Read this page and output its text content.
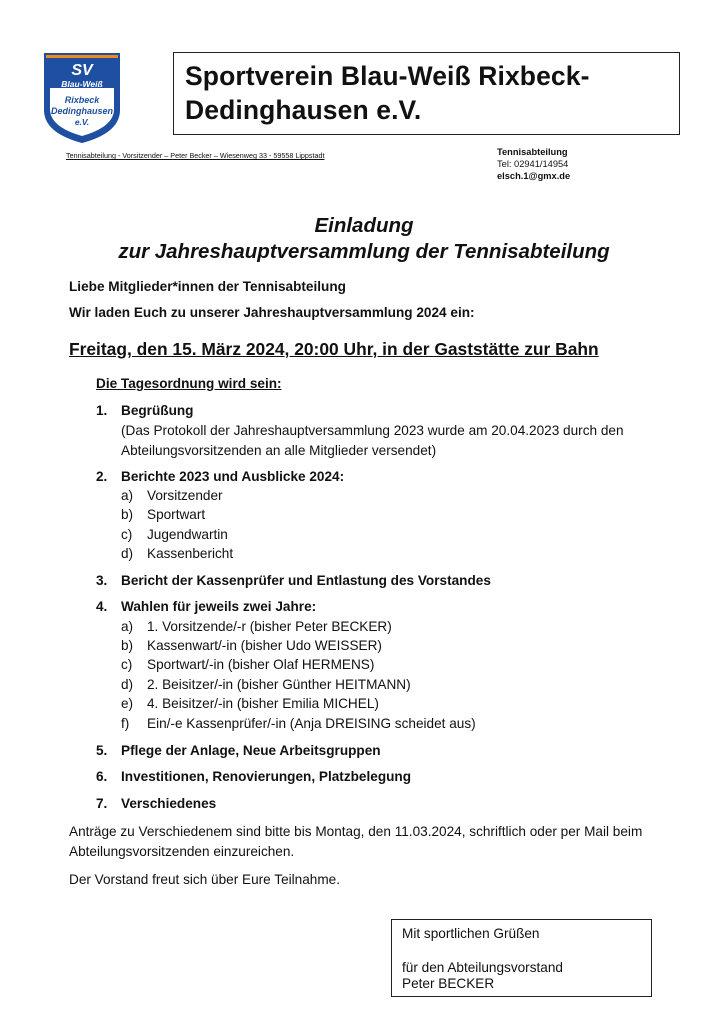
SV
Blau-Weiß
Rixbeck
Dedinghausen
e.V.
Sportverein Blau-Weiß Rixbeck-
Dedinghausen e.V.
Tennisabteilung - Vorsitzender – Peter Becker – Wiesenweg 33 - 59558 Lippstadt	Tennisabteilung
Tel: 02941/14954
elsch.1@gmx.de
Einladung
zur Jahreshauptversammlung der Tennisabteilung
Liebe Mitglieder*innen der Tennisabteilung
Wir laden Euch zu unserer Jahreshauptversammlung 2024 ein:
Freitag, den 15. März 2024, 20:00 Uhr, in der Gaststätte zur Bahn
Die Tagesordnung wird sein:
1. Begrüßung
(Das Protokoll der Jahreshauptversammlung 2023 wurde am 20.04.2023 durch den Abteilungsvorsitzenden an alle Mitglieder versendet)
2. Berichte 2023 und Ausblicke 2024:
a) Vorsitzender
b) Sportwart
c) Jugendwartin
d) Kassenbericht
3. Bericht der Kassenprüfer und Entlastung des Vorstandes
4. Wahlen für jeweils zwei Jahre:
a) 1. Vorsitzende/-r (bisher Peter BECKER)
b) Kassenwart/-in (bisher Udo WEISSER)
c) Sportwart/-in (bisher Olaf HERMENS)
d) 2. Beisitzer/-in (bisher Günther HEITMANN)
e) 4. Beisitzer/-in (bisher Emilia MICHEL)
f) Ein/-e Kassenprüfer/-in (Anja DREISING scheidet aus)
5. Pflege der Anlage, Neue Arbeitsgruppen
6. Investitionen, Renovierungen, Platzbelegung
7. Verschiedenes
Anträge zu Verschiedenem sind bitte bis Montag, den 11.03.2024, schriftlich oder per Mail beim Abteilungsvorsitzenden einzureichen.
Der Vorstand freut sich über Eure Teilnahme.
Mit sportlichen Grüßen
für den Abteilungsvorstand
Peter BECKER
